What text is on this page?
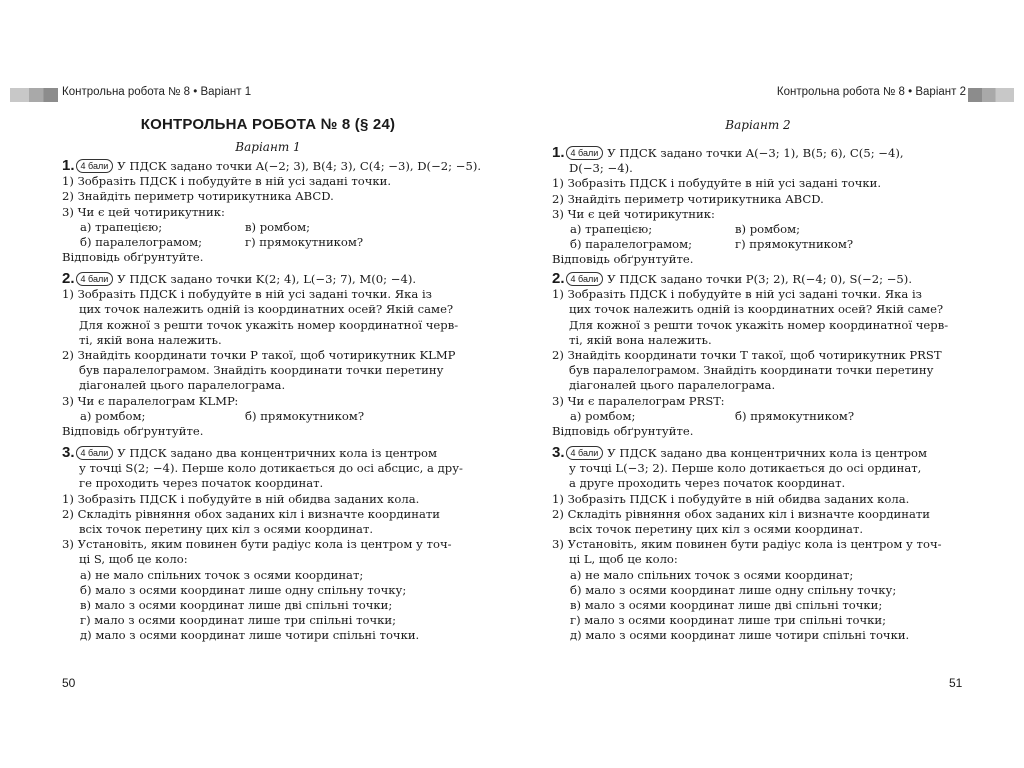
Контрольна робота № 8 • Варіант 1	Контрольна робота № 8 • Варіант 2
КОНТРОЛЬНА РОБОТА № 8 (§ 24)
Варіант 1
Варіант 2
1. 4 бали У ПДСК задано точки A(−2; 3), B(4; 3), C(4; −3), D(−2; −5).
1) Зобразіть ПДСК і побудуйте в ній усі задані точки.
2) Знайдіть периметр чотирикутника ABCD.
3) Чи є цей чотирикутник:
а) трапецією;	в) ромбом;
б) паралелограмом;	г) прямокутником?
Відповідь обґрунтуйте.
2. 4 бали У ПДСК задано точки K(2; 4), L(−3; 7), M(0; −4).
1) Зобразіть ПДСК і побудуйте в ній усі задані точки. Яка із
цих точок належить одній із координатних осей? Якій саме?
Для кожної з решти точок укажіть номер координатної черв-
ті, якій вона належить.
2) Знайдіть координати точки P такої, щоб чотирикутник KLMP
був паралелограмом. Знайдіть координати точки перетину
діагоналей цього паралелограма.
3) Чи є паралелограм KLMP:
а) ромбом;	б) прямокутником?
Відповідь обґрунтуйте.
3. 4 бали У ПДСК задано два концентричних кола із центром
у точці S(2; −4). Перше коло дотикається до осі абсцис, а дру-
ге проходить через початок координат.
1) Зобразіть ПДСК і побудуйте в ній обидва заданих кола.
2) Складіть рівняння обох заданих кіл і визначте координати
всіх точок перетину цих кіл з осями координат.
3) Установіть, яким повинен бути радіус кола із центром у точ-
ці S, щоб це коло:
а) не мало спільних точок з осями координат;
б) мало з осями координат лише одну спільну точку;
в) мало з осями координат лише дві спільні точки;
г) мало з осями координат лише три спільні точки;
д) мало з осями координат лише чотири спільні точки.
1. 4 бали У ПДСК задано точки A(−3; 1), B(5; 6), C(5; −4),
D(−3; −4).
1) Зобразіть ПДСК і побудуйте в ній усі задані точки.
2) Знайдіть периметр чотирикутника ABCD.
3) Чи є цей чотирикутник:
а) трапецією;	в) ромбом;
б) паралелограмом;	г) прямокутником?
Відповідь обґрунтуйте.
2. 4 бали У ПДСК задано точки P(3; 2), R(−4; 0), S(−2; −5).
1) Зобразіть ПДСК і побудуйте в ній усі задані точки. Яка із
цих точок належить одній із координатних осей? Якій саме?
Для кожної з решти точок укажіть номер координатної черв-
ті, якій вона належить.
2) Знайдіть координати точки T такої, щоб чотирикутник PRST
був паралелограмом. Знайдіть координати точки перетину
діагоналей цього паралелограма.
3) Чи є паралелограм PRST:
а) ромбом;	б) прямокутником?
Відповідь обґрунтуйте.
3. 4 бали У ПДСК задано два концентричних кола із центром
у точці L(−3; 2). Перше коло дотикається до осі ординат,
а друге проходить через початок координат.
1) Зобразіть ПДСК і побудуйте в ній обидва заданих кола.
2) Складіть рівняння обох заданих кіл і визначте координати
всіх точок перетину цих кіл з осями координат.
3) Установіть, яким повинен бути радіус кола із центром у точ-
ці L, щоб це коло:
а) не мало спільних точок з осями координат;
б) мало з осями координат лише одну спільну точку;
в) мало з осями координат лише дві спільні точки;
г) мало з осями координат лише три спільні точки;
д) мало з осями координат лише чотири спільні точки.
50	51
